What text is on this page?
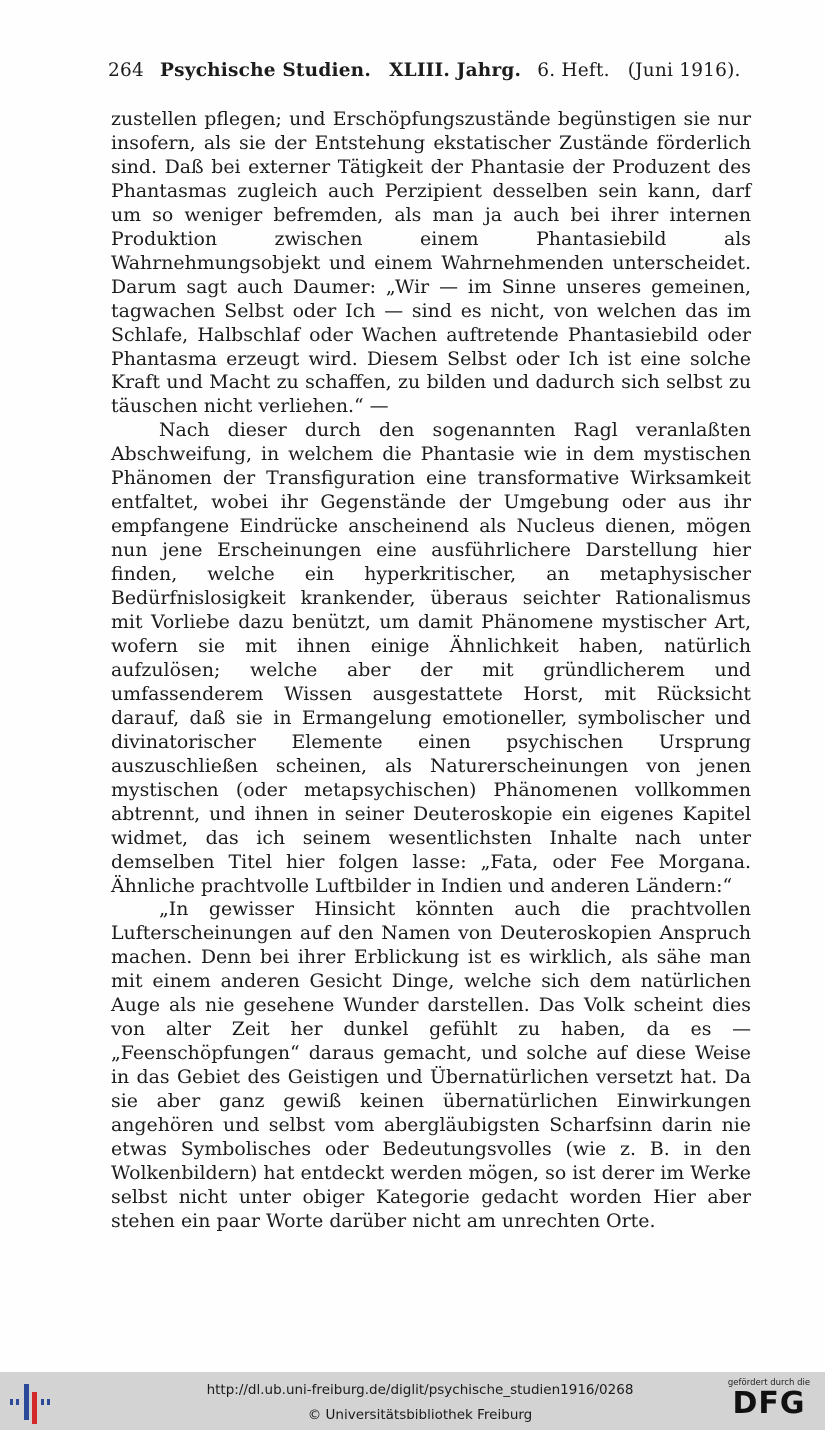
264 Psychische Studien. XLIII. Jahrg. 6. Heft. (Juni 1916).

zustellen pflegen; und Erschöpfungszustände begünstigen sie nur insofern, als sie der Entstehung ekstatischer Zustände förderlich sind. Daß bei externer Tätigkeit der Phantasie der Produzent des Phantasmas zugleich auch Perzipient desselben sein kann, darf um so weniger befremden, als man ja auch bei ihrer internen Produktion zwischen einem Phantasiebild als Wahrnehmungsobjekt und einem Wahrnehmenden unterscheidet. Darum sagt auch Daumer: „Wir — im Sinne unseres gemeinen, tagwachen Selbst oder Ich — sind es nicht, von welchen das im Schlafe, Halbschlaf oder Wachen auftretende Phantasiebild oder Phantasma erzeugt wird. Diesem Selbst oder Ich ist eine solche Kraft und Macht zu schaffen, zu bilden und dadurch sich selbst zu täuschen nicht verliehen.“ —

Nach dieser durch den sogenannten Ragl veranlaßten Abschweifung, in welchem die Phantasie wie in dem mystischen Phänomen der Transfiguration eine transformative Wirksamkeit entfaltet, wobei ihr Gegenstände der Umgebung oder aus ihr empfangene Eindrücke anscheinend als Nucleus dienen, mögen nun jene Erscheinungen eine ausführlichere Darstellung hier finden, welche ein hyperkritischer, an metaphysischer Bedürfnislosigkeit krankender, überaus seichter Rationalismus mit Vorliebe dazu benützt, um damit Phänomene mystischer Art, wofern sie mit ihnen einige Ähnlichkeit haben, natürlich aufzulösen; welche aber der mit gründlicherem und umfassenderem Wissen ausgestattete Horst, mit Rücksicht darauf, daß sie in Ermangelung emotioneller, symbolischer und divinatorischer Elemente einen psychischen Ursprung auszuschließen scheinen, als Naturerscheinungen von jenen mystischen (oder metapsychischen) Phänomenen vollkommen abtrennt, und ihnen in seiner Deuteroskopie ein eigenes Kapitel widmet, das ich seinem wesentlichsten Inhalte nach unter demselben Titel hier folgen lasse: „Fata, oder Fee Morgana. Ähnliche prachtvolle Luftbilder in Indien und anderen Ländern:“

„In gewisser Hinsicht könnten auch die prachtvollen Lufterscheinungen auf den Namen von Deuteroskopien Anspruch machen. Denn bei ihrer Erblickung ist es wirklich, als sähe man mit einem anderen Gesicht Dinge, welche sich dem natürlichen Auge als nie gesehene Wunder darstellen. Das Volk scheint dies von alter Zeit her dunkel gefühlt zu haben, da es — „Feenschöpfungen“ daraus gemacht, und solche auf diese Weise in das Gebiet des Geistigen und Übernatürlichen versetzt hat. Da sie aber ganz gewiß keinen übernatürlichen Einwirkungen angehören und selbst vom abergläubigsten Scharfsinn darin nie etwas Symbolisches oder Bedeutungsvolles (wie z. B. in den Wolkenbildern) hat entdeckt werden mögen, so ist derer im Werke selbst nicht unter obiger Kategorie gedacht worden Hier aber stehen ein paar Worte darüber nicht am unrechten Orte.

http://dl.ub.uni-freiburg.de/diglit/psychische_studien1916/0268
© Universitätsbibliothek Freiburg
gefördert durch die
DFG
